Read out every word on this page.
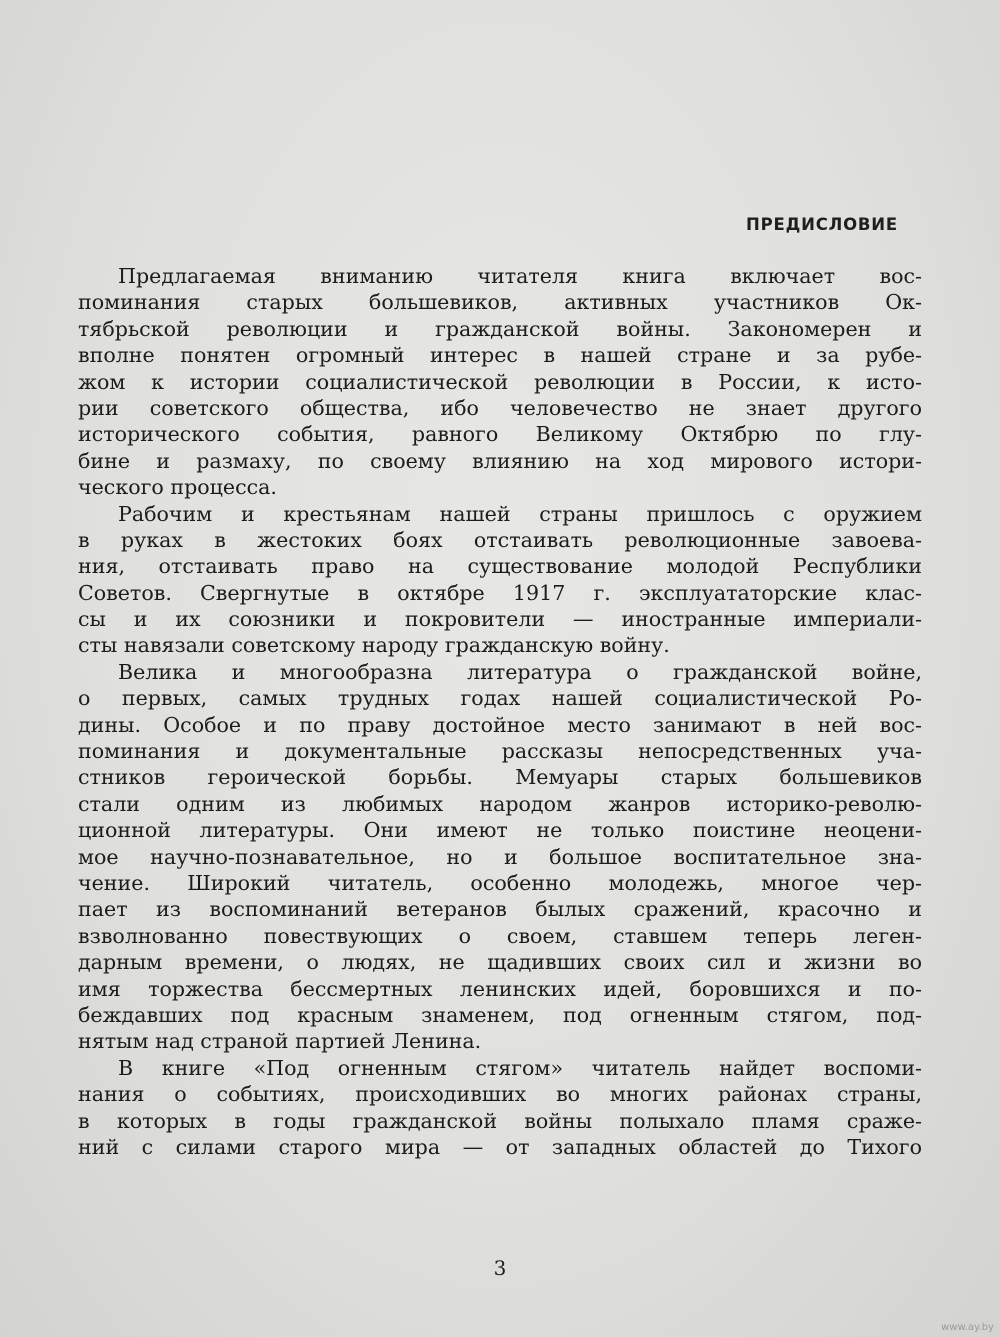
ПРЕДИСЛОВИЕ
Предлагаемая вниманию читателя книга включает вос-
поминания старых большевиков, активных участников Ок-
тябрьской революции и гражданской войны. Закономерен и
вполне понятен огромный интерес в нашей стране и за рубе-
жом к истории социалистической революции в России, к исто-
рии советского общества, ибо человечество не знает другого
исторического события, равного Великому Октябрю по глу-
бине и размаху, по своему влиянию на ход мирового истори-
ческого процесса.
Рабочим и крестьянам нашей страны пришлось с оружием
в руках в жестоких боях отстаивать революционные завоева-
ния, отстаивать право на существование молодой Республики
Советов. Свергнутые в октябре 1917 г. эксплуататорские клас-
сы и их союзники и покровители — иностранные империали-
сты навязали советскому народу гражданскую войну.
Велика и многообразна литература о гражданской войне,
о первых, самых трудных годах нашей социалистической Ро-
дины. Особое и по праву достойное место занимают в ней вос-
поминания и документальные рассказы непосредственных уча-
стников героической борьбы. Мемуары старых большевиков
стали одним из любимых народом жанров историко-револю-
ционной литературы. Они имеют не только поистине неоцени-
мое научно-познавательное, но и большое воспитательное зна-
чение. Широкий читатель, особенно молодежь, многое чер-
пает из воспоминаний ветеранов былых сражений, красочно и
взволнованно повествующих о своем, ставшем теперь леген-
дарным времени, о людях, не щадивших своих сил и жизни во
имя торжества бессмертных ленинских идей, боровшихся и по-
беждавших под красным знаменем, под огненным стягом, под-
нятым над страной партией Ленина.
В книге «Под огненным стягом» читатель найдет воспоми-
нания о событиях, происходивших во многих районах страны,
в которых в годы гражданской войны полыхало пламя сраже-
ний с силами старого мира — от западных областей до Тихого
3
www.ay.by
